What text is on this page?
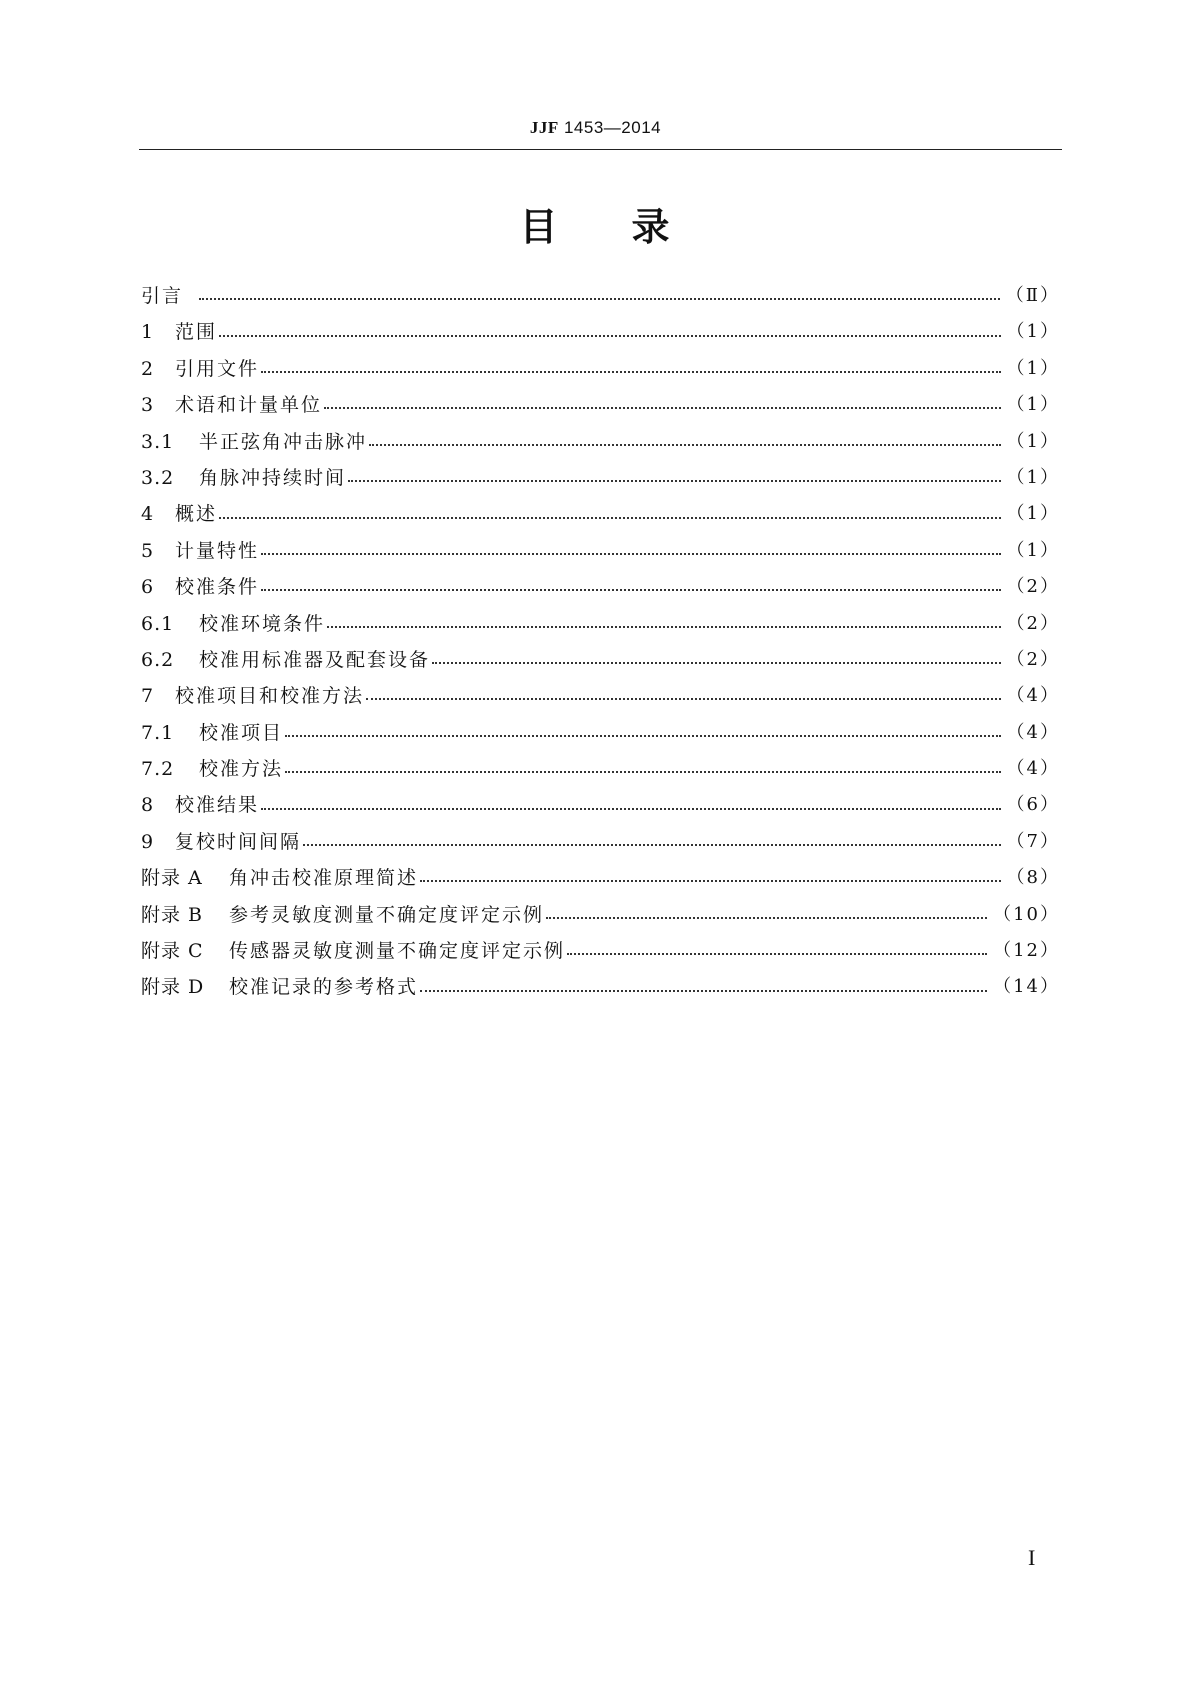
JJF 1453—2014
目 录
引言	（Ⅱ）
1	范围	（1）
2	引用文件	（1）
3	术语和计量单位	（1）
3.1	半正弦角冲击脉冲	（1）
3.2	角脉冲持续时间	（1）
4	概述	（1）
5	计量特性	（1）
6	校准条件	（2）
6.1	校准环境条件	（2）
6.2	校准用标准器及配套设备	（2）
7	校准项目和校准方法	（4）
7.1	校准项目	（4）
7.2	校准方法	（4）
8	校准结果	（6）
9	复校时间间隔	（7）
附录 A	角冲击校准原理简述	（8）
附录 B	参考灵敏度测量不确定度评定示例	（10）
附录 C	传感器灵敏度测量不确定度评定示例	（12）
附录 D	校准记录的参考格式	（14）
I
